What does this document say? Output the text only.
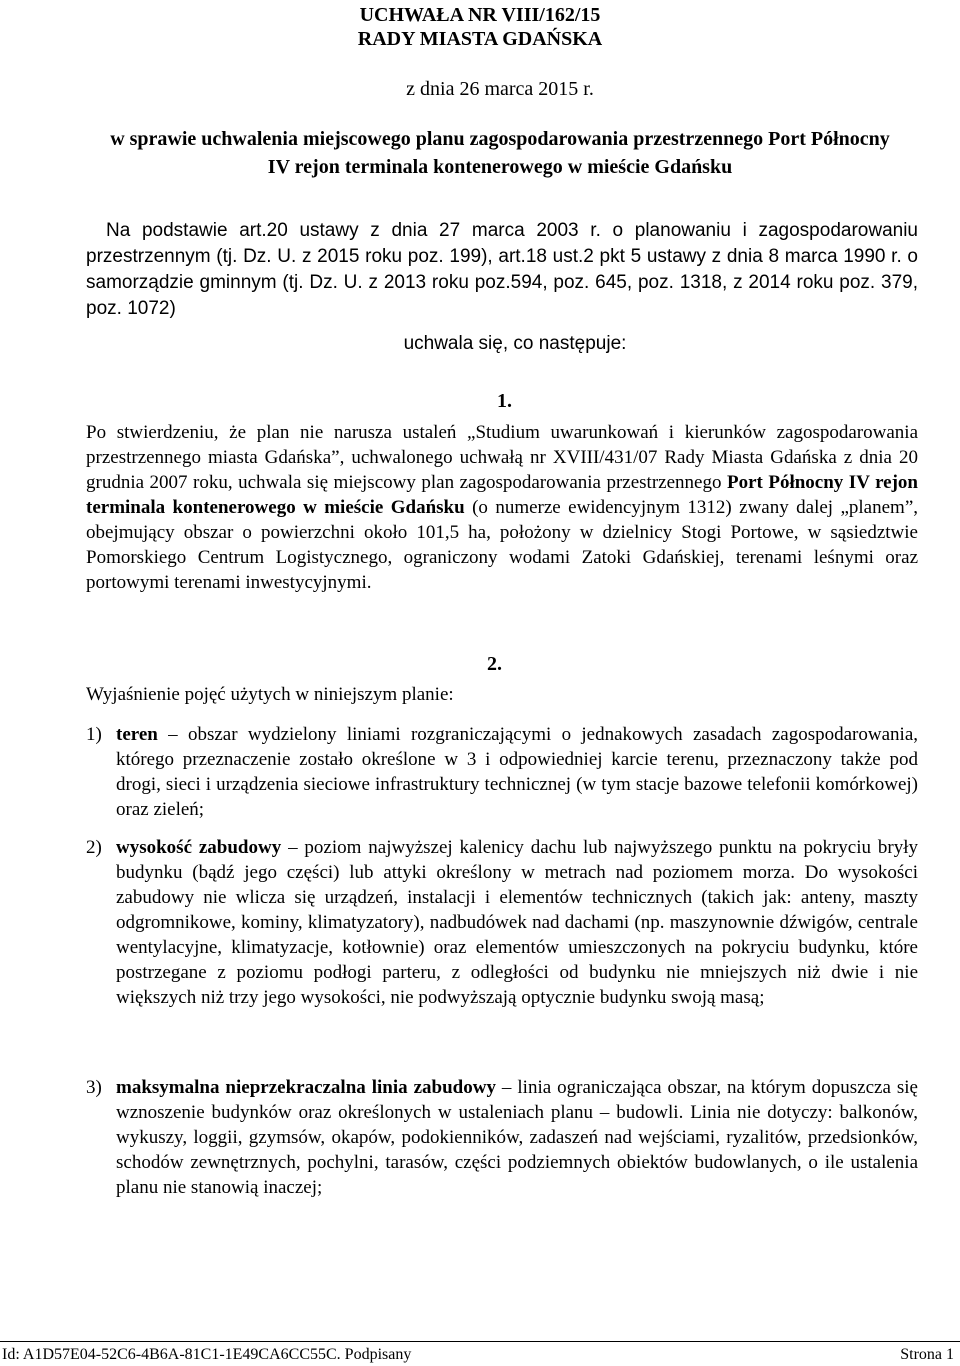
UCHWAŁA NR VIII/162/15
RADY MIASTA GDAŃSKA
z dnia 26 marca 2015 r.
w sprawie uchwalenia miejscowego planu zagospodarowania przestrzennego Port Północny IV rejon terminala kontenerowego w mieście Gdańsku
Na podstawie art.20 ustawy z dnia 27 marca 2003 r. o planowaniu i zagospodarowaniu przestrzennym (tj. Dz. U. z 2015 roku poz. 199), art.18 ust.2 pkt 5 ustawy z dnia 8 marca 1990 r. o samorządzie gminnym (tj. Dz. U. z 2013 roku poz.594, poz. 645, poz. 1318, z 2014 roku poz. 379, poz. 1072)
uchwala się, co następuje:
1.
Po stwierdzeniu, że plan nie narusza ustaleń „Studium uwarunkowań i kierunków zagospodarowania przestrzennego miasta Gdańska”, uchwalonego uchwałą nr XVIII/431/07 Rady Miasta Gdańska z dnia 20 grudnia 2007 roku, uchwala się miejscowy plan zagospodarowania przestrzennego Port Północny IV rejon terminala kontenerowego w mieście Gdańsku (o numerze ewidencyjnym 1312) zwany dalej „planem”, obejmujący obszar o powierzchni około 101,5 ha, położony w dzielnicy Stogi Portowe, w sąsiedztwie Pomorskiego Centrum Logistycznego, ograniczony wodami Zatoki Gdańskiej, terenami leśnymi oraz portowymi terenami inwestycyjnymi.
2.
Wyjaśnienie pojęć użytych w niniejszym planie:
1) teren – obszar wydzielony liniami rozgraniczającymi o jednakowych zasadach zagospodarowania, którego przeznaczenie zostało określone w 3 i odpowiedniej karcie terenu, przeznaczony także pod drogi, sieci i urządzenia sieciowe infrastruktury technicznej (w tym stacje bazowe telefonii komórkowej) oraz zieleń;
2) wysokość zabudowy – poziom najwyższej kalenicy dachu lub najwyższego punktu na pokryciu bryły budynku (bądź jego części) lub attyki określony w metrach nad poziomem morza. Do wysokości zabudowy nie wlicza się urządzeń, instalacji i elementów technicznych (takich jak: anteny, maszty odgromnikowe, kominy, klimatyzatory), nadbudówek nad dachami (np. maszynownie dźwigów, centrale wentylacyjne, klimatyzacje, kotłownie) oraz elementów umieszczonych na pokryciu budynku, które postrzegane z poziomu podłogi parteru, z odległości od budynku nie mniejszych niż dwie i nie większych niż trzy jego wysokości, nie podwyższają optycznie budynku swoją masą;
3) maksymalna nieprzekraczalna linia zabudowy – linia ograniczająca obszar, na którym dopuszcza się wznoszenie budynków oraz określonych w ustaleniach planu – budowli. Linia nie dotyczy: balkonów, wykuszy, loggii, gzymsów, okapów, podokienników, zadaszeń nad wejściami, ryzalitów, przedsionków, schodów zewnętrznych, pochylni, tarasów, części podziemnych obiektów budowlanych, o ile ustalenia planu nie stanowią inaczej;
Id: A1D57E04-52C6-4B6A-81C1-1E49CA6CC55C. Podpisany	Strona 1
